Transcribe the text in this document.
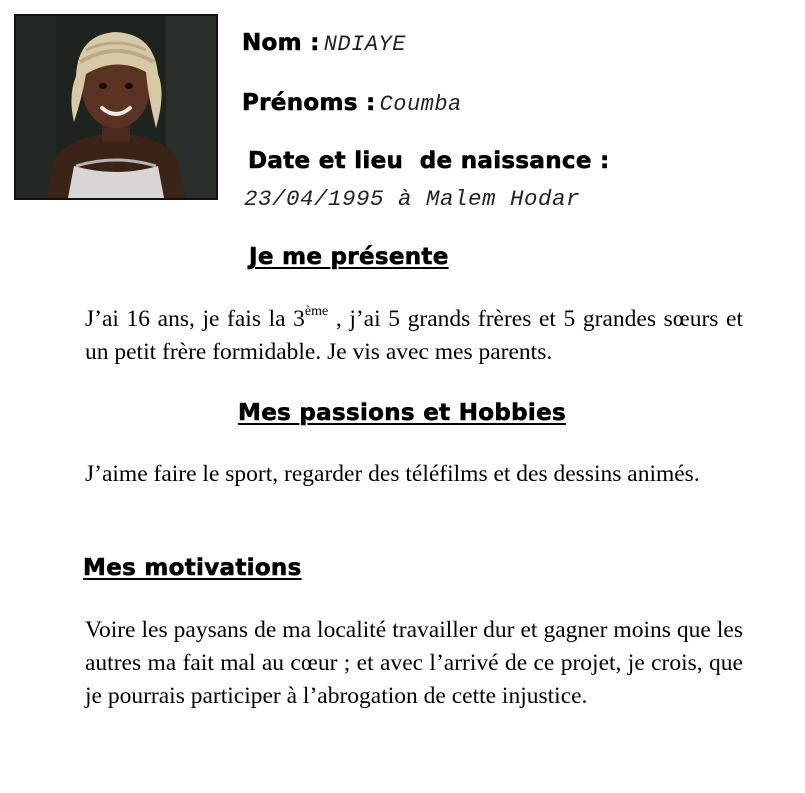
Nom : NDIAYE
Prénoms : Coumba
Date et lieu  de naissance :
23/04/1995 à Malem Hodar
Je me présente
J’ai 16 ans, je fais la 3ème , j’ai 5 grands frères et 5 grandes sœurs et un petit frère formidable. Je vis avec mes parents.
Mes passions et Hobbies
J’aime faire le sport, regarder des téléfilms et des dessins animés.
Mes motivations
Voire les paysans de ma localité travailler dur et gagner moins que les autres ma fait mal au cœur ; et avec l’arrivé de ce projet, je crois, que je pourrais participer à l’abrogation de cette injustice.
